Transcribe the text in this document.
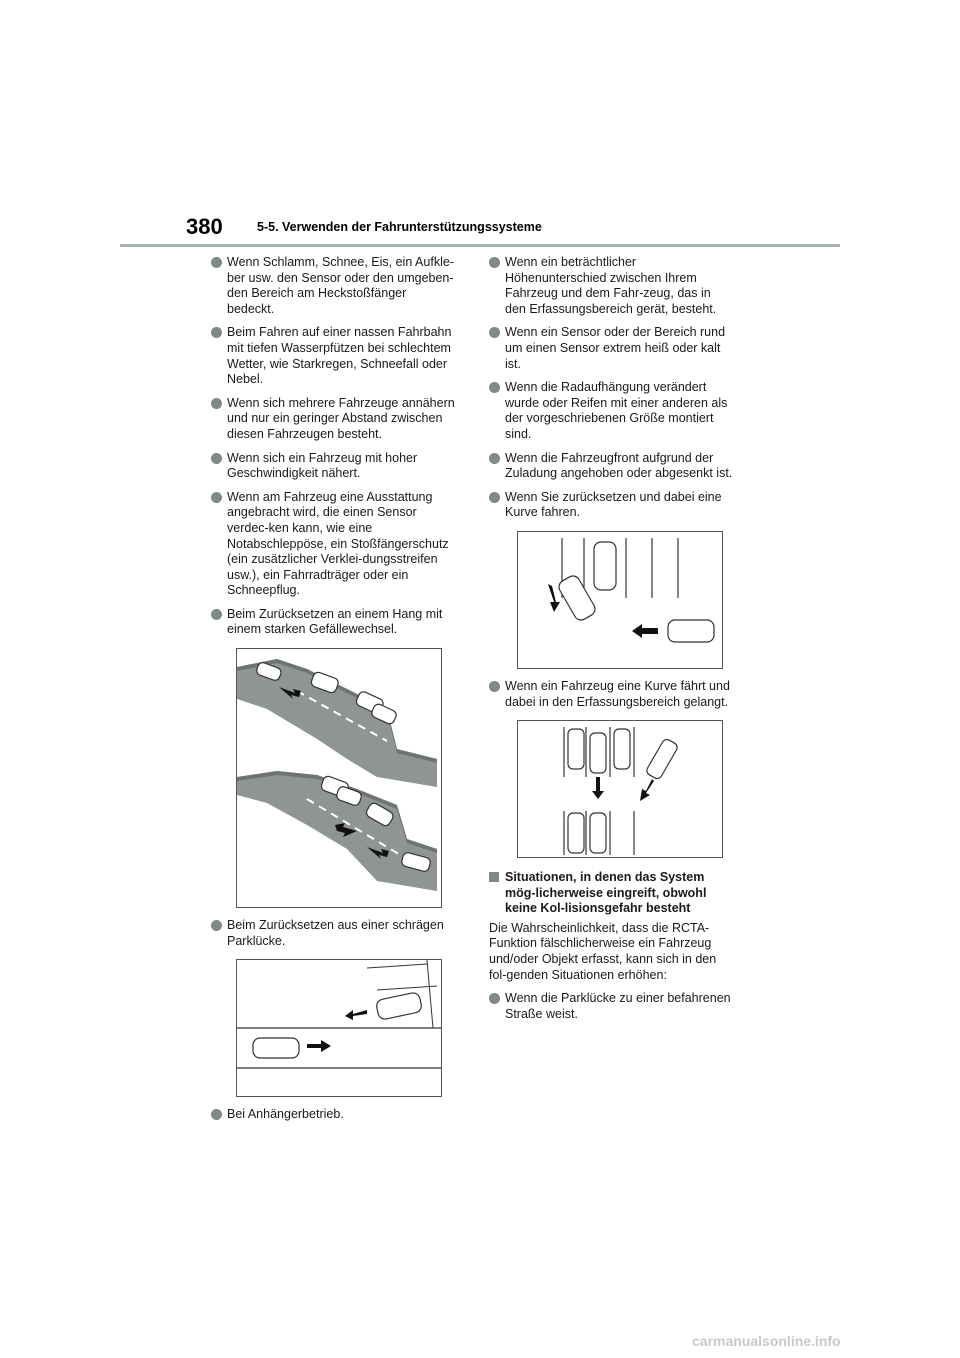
380	5-5. Verwenden der Fahrunterstützungssysteme
Wenn Schlamm, Schnee, Eis, ein Aufkle-ber usw. den Sensor oder den umgeben-den Bereich am Heckstoßfänger bedeckt.
Beim Fahren auf einer nassen Fahrbahn mit tiefen Wasserpfützen bei schlechtem Wetter, wie Starkregen, Schneefall oder Nebel.
Wenn sich mehrere Fahrzeuge annähern und nur ein geringer Abstand zwischen diesen Fahrzeugen besteht.
Wenn sich ein Fahrzeug mit hoher Geschwindigkeit nähert.
Wenn am Fahrzeug eine Ausstattung angebracht wird, die einen Sensor verdec-ken kann, wie eine Notabschleppöse, ein Stoßfängerschutz (ein zusätzlicher Verklei-dungsstreifen usw.), ein Fahrradträger oder ein Schneepflug.
Beim Zurücksetzen an einem Hang mit einem starken Gefällewechsel.
Beim Zurücksetzen aus einer schrägen Parklücke.
Bei Anhängerbetrieb.
Wenn ein beträchtlicher Höhenunterschied zwischen Ihrem Fahrzeug und dem Fahr-zeug, das in den Erfassungsbereich gerät, besteht.
Wenn ein Sensor oder der Bereich rund um einen Sensor extrem heiß oder kalt ist.
Wenn die Radaufhängung verändert wurde oder Reifen mit einer anderen als der vorgeschriebenen Größe montiert sind.
Wenn die Fahrzeugfront aufgrund der Zuladung angehoben oder abgesenkt ist.
Wenn Sie zurücksetzen und dabei eine Kurve fahren.
Wenn ein Fahrzeug eine Kurve fährt und dabei in den Erfassungsbereich gelangt.
Situationen, in denen das System mög-licherweise eingreift, obwohl keine Kol-lisionsgefahr besteht
Die Wahrscheinlichkeit, dass die RCTA-Funktion fälschlicherweise ein Fahrzeug und/oder Objekt erfasst, kann sich in den fol-genden Situationen erhöhen:
Wenn die Parklücke zu einer befahrenen Straße weist.
carmanualsonline.info
